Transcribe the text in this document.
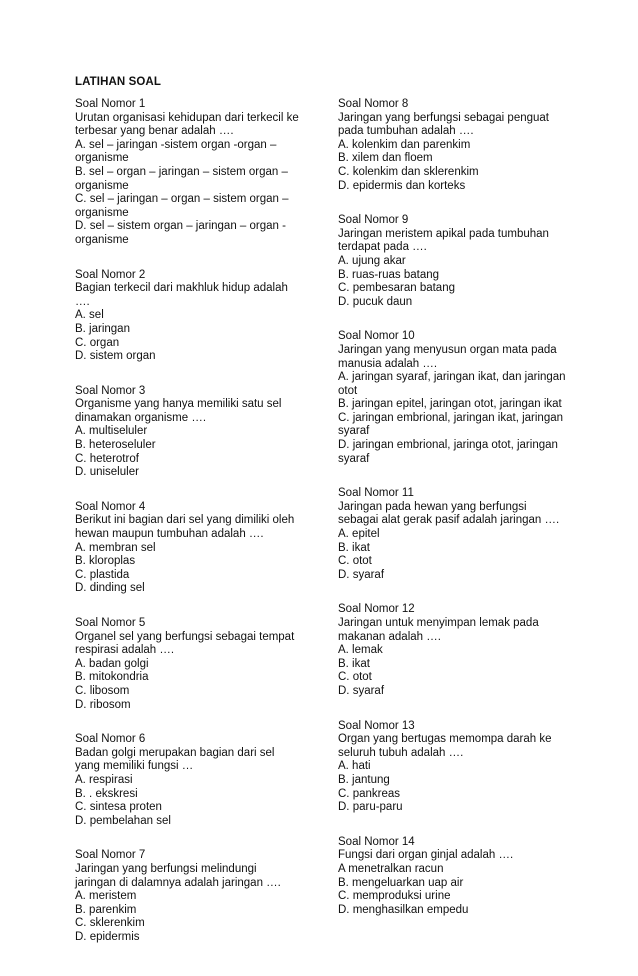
LATIHAN SOAL
Soal Nomor 1
Urutan organisasi kehidupan dari terkecil ke terbesar yang benar adalah ….
A. sel – jaringan -sistem organ -organ – organisme
B. sel – organ – jaringan – sistem organ – organisme
C. sel – jaringan – organ – sistem organ – organisme
D. sel – sistem organ – jaringan – organ - organisme
Soal Nomor 2
Bagian terkecil dari makhluk hidup adalah ….
A. sel
B. jaringan
C. organ
D. sistem organ
Soal Nomor 3
Organisme yang hanya memiliki satu sel dinamakan organisme ….
A. multiseluler
B. heteroseluler
C. heterotrof
D. uniseluler
Soal Nomor 4
Berikut ini bagian dari sel yang dimiliki oleh hewan maupun tumbuhan adalah ….
A. membran sel
B. kloroplas
C. plastida
D. dinding sel
Soal Nomor 5
Organel sel yang berfungsi sebagai tempat respirasi adalah ….
A. badan golgi
B. mitokondria
C. libosom
D. ribosom
Soal Nomor 6
Badan golgi merupakan bagian dari sel yang memiliki fungsi …
A. respirasi
B. . ekskresi
C. sintesa proten
D. pembelahan sel
Soal Nomor 7
Jaringan yang berfungsi melindungi jaringan di dalamnya adalah jaringan ….
A. meristem
B. parenkim
C. sklerenkim
D. epidermis
Soal Nomor 8
Jaringan yang berfungsi sebagai penguat pada tumbuhan adalah ….
A. kolenkim dan parenkim
B. xilem dan floem
C. kolenkim dan sklerenkim
D. epidermis dan korteks
Soal Nomor 9
Jaringan meristem apikal pada tumbuhan terdapat pada ….
A. ujung akar
B. ruas-ruas batang
C. pembesaran batang
D. pucuk daun
Soal Nomor 10
Jaringan yang menyusun organ mata pada manusia adalah ….
A. jaringan syaraf, jaringan ikat, dan jaringan otot
B. jaringan epitel, jaringan otot, jaringan ikat
C. jaringan embrional, jaringan ikat, jaringan syaraf
D. jaringan embrional, jaringa otot, jaringan syaraf
Soal Nomor 11
Jaringan pada hewan yang berfungsi sebagai alat gerak pasif adalah jaringan ….
A. epitel
B. ikat
C. otot
D. syaraf
Soal Nomor 12
Jaringan untuk menyimpan lemak pada makanan adalah ….
A. lemak
B. ikat
C. otot
D. syaraf
Soal Nomor 13
Organ yang bertugas memompa darah ke seluruh tubuh adalah ….
A. hati
B. jantung
C. pankreas
D. paru-paru
Soal Nomor 14
Fungsi dari organ ginjal adalah ….
A menetralkan racun
B. mengeluarkan uap air
C. memproduksi urine
D. menghasilkan empedu
